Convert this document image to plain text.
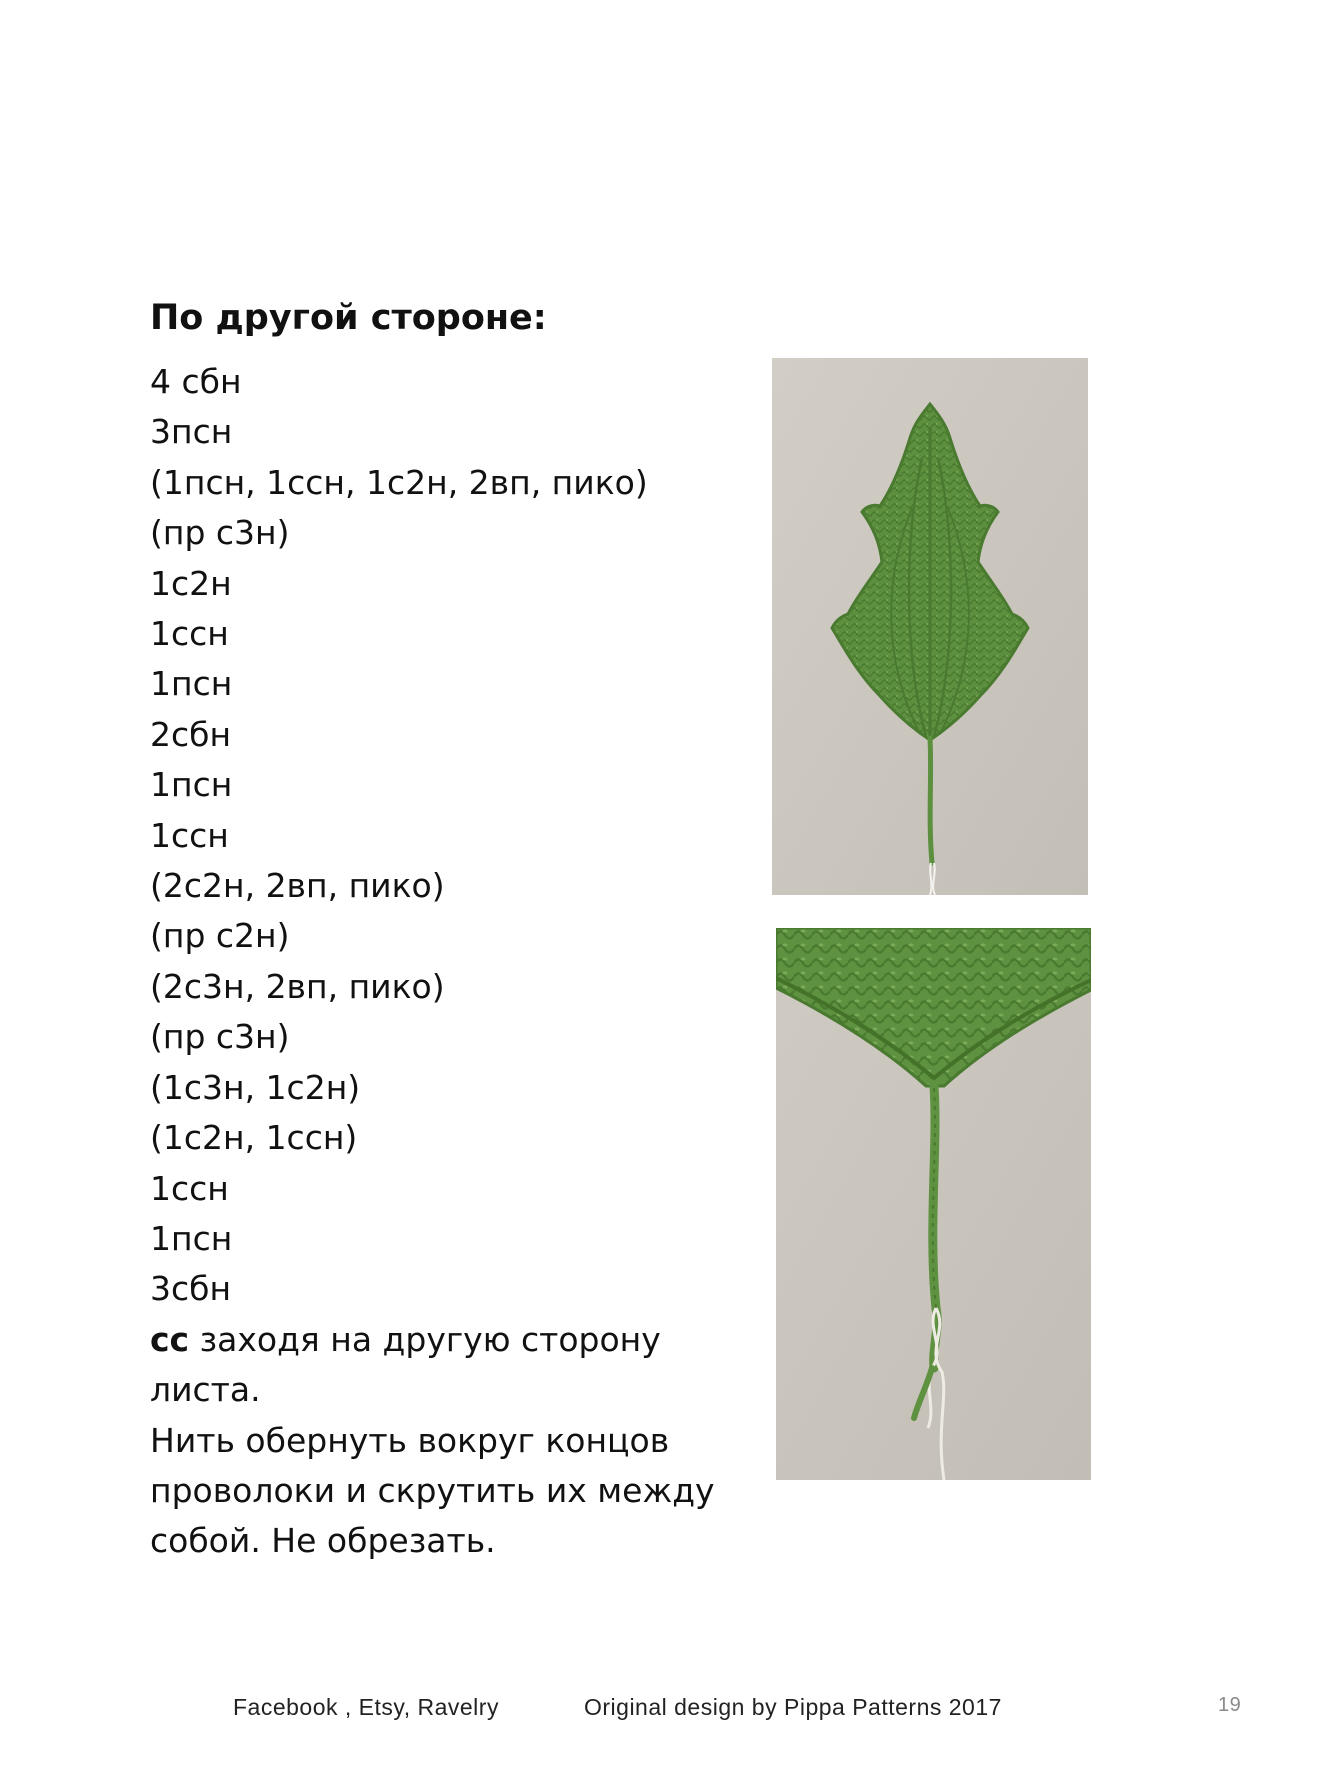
По другой стороне:
4 сбн
3псн
(1псн, 1ссн, 1с2н, 2вп, пико)
(пр с3н)
1с2н
1ссн
1псн
2сбн
1псн
1ссн
(2с2н, 2вп, пико)
(пр с2н)
(2с3н, 2вп, пико)
(пр с3н)
(1с3н, 1с2н)
(1с2н, 1ссн)
1ссн
1псн
3сбн
сс заходя на другую сторону
листа.
Нить обернуть вокруг концов
проволоки и скрутить их между
собой. Не обрезать.
Facebook , Etsy, Ravelry	Original design by Pippa Patterns 2017	19
